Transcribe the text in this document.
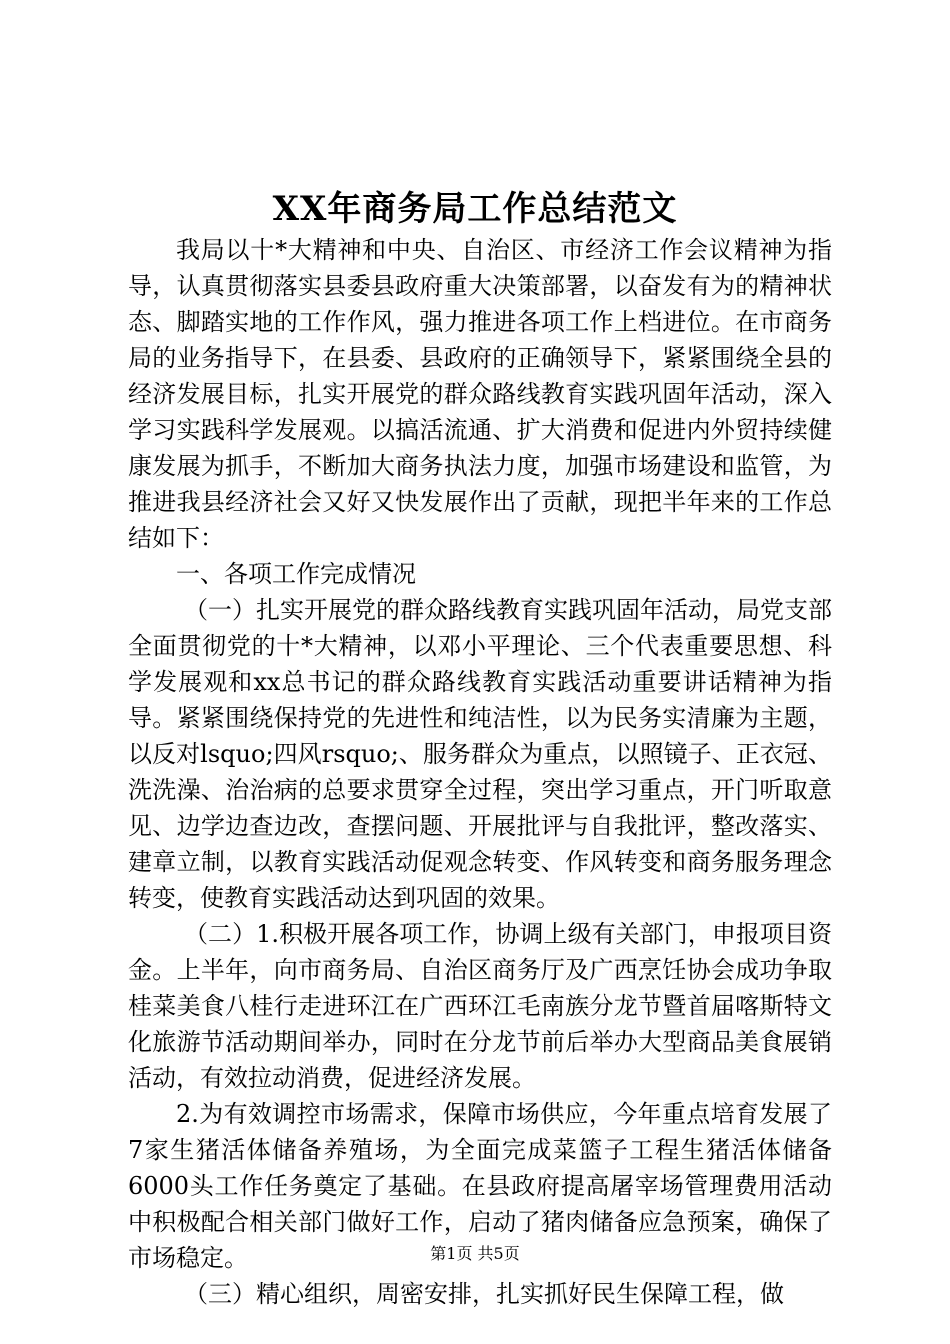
XX年商务局工作总结范文

我局以十*大精神和中央、自治区、市经济工作会议精神为指导，认真贯彻落实县委县政府重大决策部署，以奋发有为的精神状态、脚踏实地的工作作风，强力推进各项工作上档进位。在市商务局的业务指导下，在县委、县政府的正确领导下，紧紧围绕全县的经济发展目标，扎实开展党的群众路线教育实践巩固年活动，深入学习实践科学发展观。以搞活流通、扩大消费和促进内外贸持续健康发展为抓手，不断加大商务执法力度，加强市场建设和监管，为推进我县经济社会又好又快发展作出了贡献，现把半年来的工作总结如下：

一、各项工作完成情况

（一）扎实开展党的群众路线教育实践巩固年活动，局党支部全面贯彻党的十*大精神，以邓小平理论、三个代表重要思想、科学发展观和xx总书记的群众路线教育实践活动重要讲话精神为指导。紧紧围绕保持党的先进性和纯洁性，以为民务实清廉为主题，以反对lsquo;四风rsquo;、服务群众为重点，以照镜子、正衣冠、洗洗澡、治治病的总要求贯穿全过程，突出学习重点，开门听取意见、边学边查边改，查摆问题、开展批评与自我批评，整改落实、建章立制，以教育实践活动促观念转变、作风转变和商务服务理念转变，使教育实践活动达到巩固的效果。

（二）1.积极开展各项工作，协调上级有关部门，申报项目资金。上半年，向市商务局、自治区商务厅及广西烹饪协会成功争取桂菜美食八桂行走进环江在广西环江毛南族分龙节暨首届喀斯特文化旅游节活动期间举办，同时在分龙节前后举办大型商品美食展销活动，有效拉动消费，促进经济发展。

2.为有效调控市场需求，保障市场供应，今年重点培育发展了7家生猪活体储备养殖场，为全面完成菜篮子工程生猪活体储备6000头工作任务奠定了基础。在县政府提高屠宰场管理费用活动中积极配合相关部门做好工作，启动了猪肉储备应急预案，确保了市场稳定。

（三）精心组织，周密安排，扎实抓好民生保障工程，做

第1页 共5页
